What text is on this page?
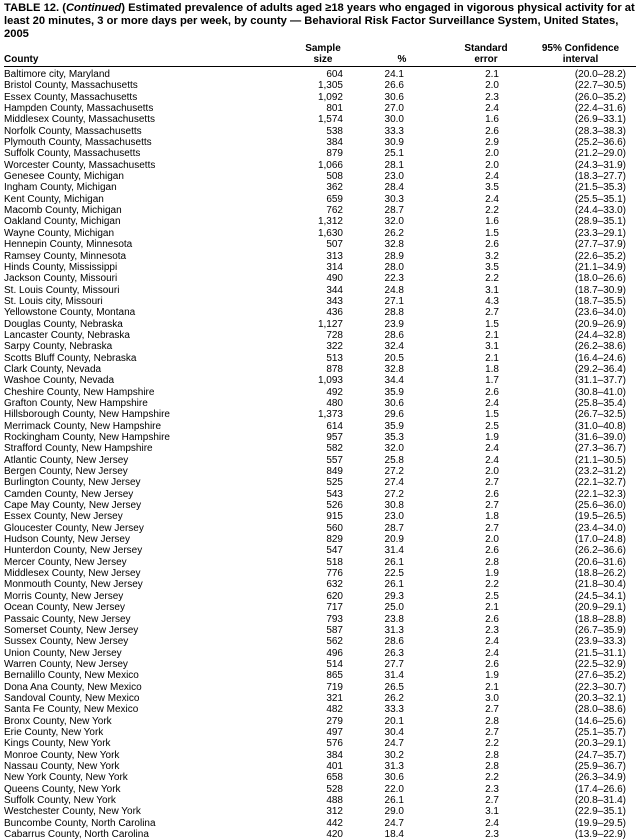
TABLE 12. (Continued) Estimated prevalence of adults aged ≥18 years who engaged in vigorous physical activity for at least 20 minutes, 3 or more days per week, by county — Behavioral Risk Factor Surveillance System, United States, 2005
	Sample		Standard	95% Confidence
County	size	%	error	interval
Baltimore city, Maryland	604	24.1	2.1	(20.0–28.2)
Bristol County, Massachusetts	1,305	26.6	2.0	(22.7–30.5)
Essex County, Massachusetts	1,092	30.6	2.3	(26.0–35.2)
Hampden County, Massachusetts	801	27.0	2.4	(22.4–31.6)
Middlesex County, Massachusetts	1,574	30.0	1.6	(26.9–33.1)
Norfolk County, Massachusetts	538	33.3	2.6	(28.3–38.3)
Plymouth County, Massachusetts	384	30.9	2.9	(25.2–36.6)
Suffolk County, Massachusetts	879	25.1	2.0	(21.2–29.0)
Worcester County, Massachusetts	1,066	28.1	2.0	(24.3–31.9)
Genesee County, Michigan	508	23.0	2.4	(18.3–27.7)
Ingham County, Michigan	362	28.4	3.5	(21.5–35.3)
Kent County, Michigan	659	30.3	2.4	(25.5–35.1)
Macomb County, Michigan	762	28.7	2.2	(24.4–33.0)
Oakland County, Michigan	1,312	32.0	1.6	(28.9–35.1)
Wayne County, Michigan	1,630	26.2	1.5	(23.3–29.1)
Hennepin County, Minnesota	507	32.8	2.6	(27.7–37.9)
Ramsey County, Minnesota	313	28.9	3.2	(22.6–35.2)
Hinds County, Mississippi	314	28.0	3.5	(21.1–34.9)
Jackson County, Missouri	490	22.3	2.2	(18.0–26.6)
St. Louis County, Missouri	344	24.8	3.1	(18.7–30.9)
St. Louis city, Missouri	343	27.1	4.3	(18.7–35.5)
Yellowstone County, Montana	436	28.8	2.7	(23.6–34.0)
Douglas County, Nebraska	1,127	23.9	1.5	(20.9–26.9)
Lancaster County, Nebraska	728	28.6	2.1	(24.4–32.8)
Sarpy County, Nebraska	322	32.4	3.1	(26.2–38.6)
Scotts Bluff County, Nebraska	513	20.5	2.1	(16.4–24.6)
Clark County, Nevada	878	32.8	1.8	(29.2–36.4)
Washoe County, Nevada	1,093	34.4	1.7	(31.1–37.7)
Cheshire County, New Hampshire	492	35.9	2.6	(30.8–41.0)
Grafton County, New Hampshire	480	30.6	2.4	(25.8–35.4)
Hillsborough County, New Hampshire	1,373	29.6	1.5	(26.7–32.5)
Merrimack County, New Hampshire	614	35.9	2.5	(31.0–40.8)
Rockingham County, New Hampshire	957	35.3	1.9	(31.6–39.0)
Strafford County, New Hampshire	582	32.0	2.4	(27.3–36.7)
Atlantic County, New Jersey	557	25.8	2.4	(21.1–30.5)
Bergen County, New Jersey	849	27.2	2.0	(23.2–31.2)
Burlington County, New Jersey	525	27.4	2.7	(22.1–32.7)
Camden County, New Jersey	543	27.2	2.6	(22.1–32.3)
Cape May County, New Jersey	526	30.8	2.7	(25.6–36.0)
Essex County, New Jersey	915	23.0	1.8	(19.5–26.5)
Gloucester County, New Jersey	560	28.7	2.7	(23.4–34.0)
Hudson County, New Jersey	829	20.9	2.0	(17.0–24.8)
Hunterdon County, New Jersey	547	31.4	2.6	(26.2–36.6)
Mercer County, New Jersey	518	26.1	2.8	(20.6–31.6)
Middlesex County, New Jersey	776	22.5	1.9	(18.8–26.2)
Monmouth County, New Jersey	632	26.1	2.2	(21.8–30.4)
Morris County, New Jersey	620	29.3	2.5	(24.5–34.1)
Ocean County, New Jersey	717	25.0	2.1	(20.9–29.1)
Passaic County, New Jersey	793	23.8	2.6	(18.8–28.8)
Somerset County, New Jersey	587	31.3	2.3	(26.7–35.9)
Sussex County, New Jersey	562	28.6	2.4	(23.9–33.3)
Union County, New Jersey	496	26.3	2.4	(21.5–31.1)
Warren County, New Jersey	514	27.7	2.6	(22.5–32.9)
Bernalillo County, New Mexico	865	31.4	1.9	(27.6–35.2)
Dona Ana County, New Mexico	719	26.5	2.1	(22.3–30.7)
Sandoval County, New Mexico	321	26.2	3.0	(20.3–32.1)
Santa Fe County, New Mexico	482	33.3	2.7	(28.0–38.6)
Bronx County, New York	279	20.1	2.8	(14.6–25.6)
Erie County, New York	497	30.4	2.7	(25.1–35.7)
Kings County, New York	576	24.7	2.2	(20.3–29.1)
Monroe County, New York	384	30.2	2.8	(24.7–35.7)
Nassau County, New York	401	31.3	2.8	(25.9–36.7)
New York County, New York	658	30.6	2.2	(26.3–34.9)
Queens County, New York	528	22.0	2.3	(17.4–26.6)
Suffolk County, New York	488	26.1	2.7	(20.8–31.4)
Westchester County, New York	312	29.0	3.1	(22.9–35.1)
Buncombe County, North Carolina	442	24.7	2.4	(19.9–29.5)
Cabarrus County, North Carolina	420	18.4	2.3	(13.9–22.9)
